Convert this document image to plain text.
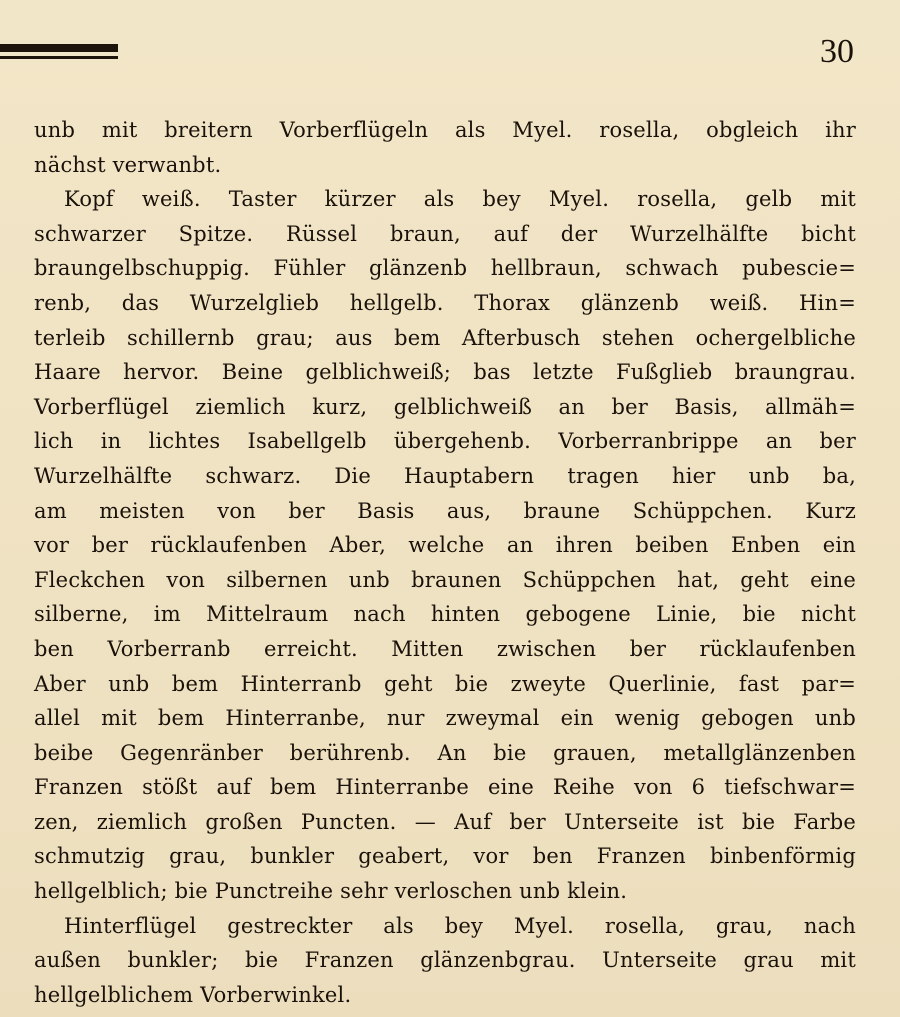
30
unb mit breitern Vorberflügeln als Myel. rosella, obgleich ihr
nächst verwanbt.
Kopf weiß. Taster kürzer als bey Myel. rosella, gelb mit
schwarzer Spitze. Rüssel braun, auf der Wurzelhälfte bicht
braungelbschuppig. Fühler glänzenb hellbraun, schwach pubescie=
renb, das Wurzelglieb hellgelb. Thorax glänzenb weiß. Hin=
terleib schillernb grau; aus bem Afterbusch stehen ochergelbliche
Haare hervor. Beine gelblichweiß; bas letzte Fußglieb braungrau.
Vorberflügel ziemlich kurz, gelblichweiß an ber Basis, allmäh=
lich in lichtes Isabellgelb übergehenb. Vorberranbrippe an ber
Wurzelhälfte schwarz. Die Hauptabern tragen hier unb ba,
am meisten von ber Basis aus, braune Schüppchen. Kurz
vor ber rücklaufenben Aber, welche an ihren beiben Enben ein
Fleckchen von silbernen unb braunen Schüppchen hat, geht eine
silberne, im Mittelraum nach hinten gebogene Linie, bie nicht
ben Vorberranb erreicht. Mitten zwischen ber rücklaufenben
Aber unb bem Hinterranb geht bie zweyte Querlinie, fast par=
allel mit bem Hinterranbe, nur zweymal ein wenig gebogen unb
beibe Gegenränber berührenb. An bie grauen, metallglänzenben
Franzen stößt auf bem Hinterranbe eine Reihe von 6 tiefschwar=
zen, ziemlich großen Puncten. — Auf ber Unterseite ist bie Farbe
schmutzig grau, bunkler geabert, vor ben Franzen binbenförmig
hellgelblich; bie Punctreihe sehr verloschen unb klein.
Hinterflügel gestreckter als bey Myel. rosella, grau, nach
außen bunkler; bie Franzen glänzenbgrau. Unterseite grau mit
hellgelblichem Vorberwinkel.
